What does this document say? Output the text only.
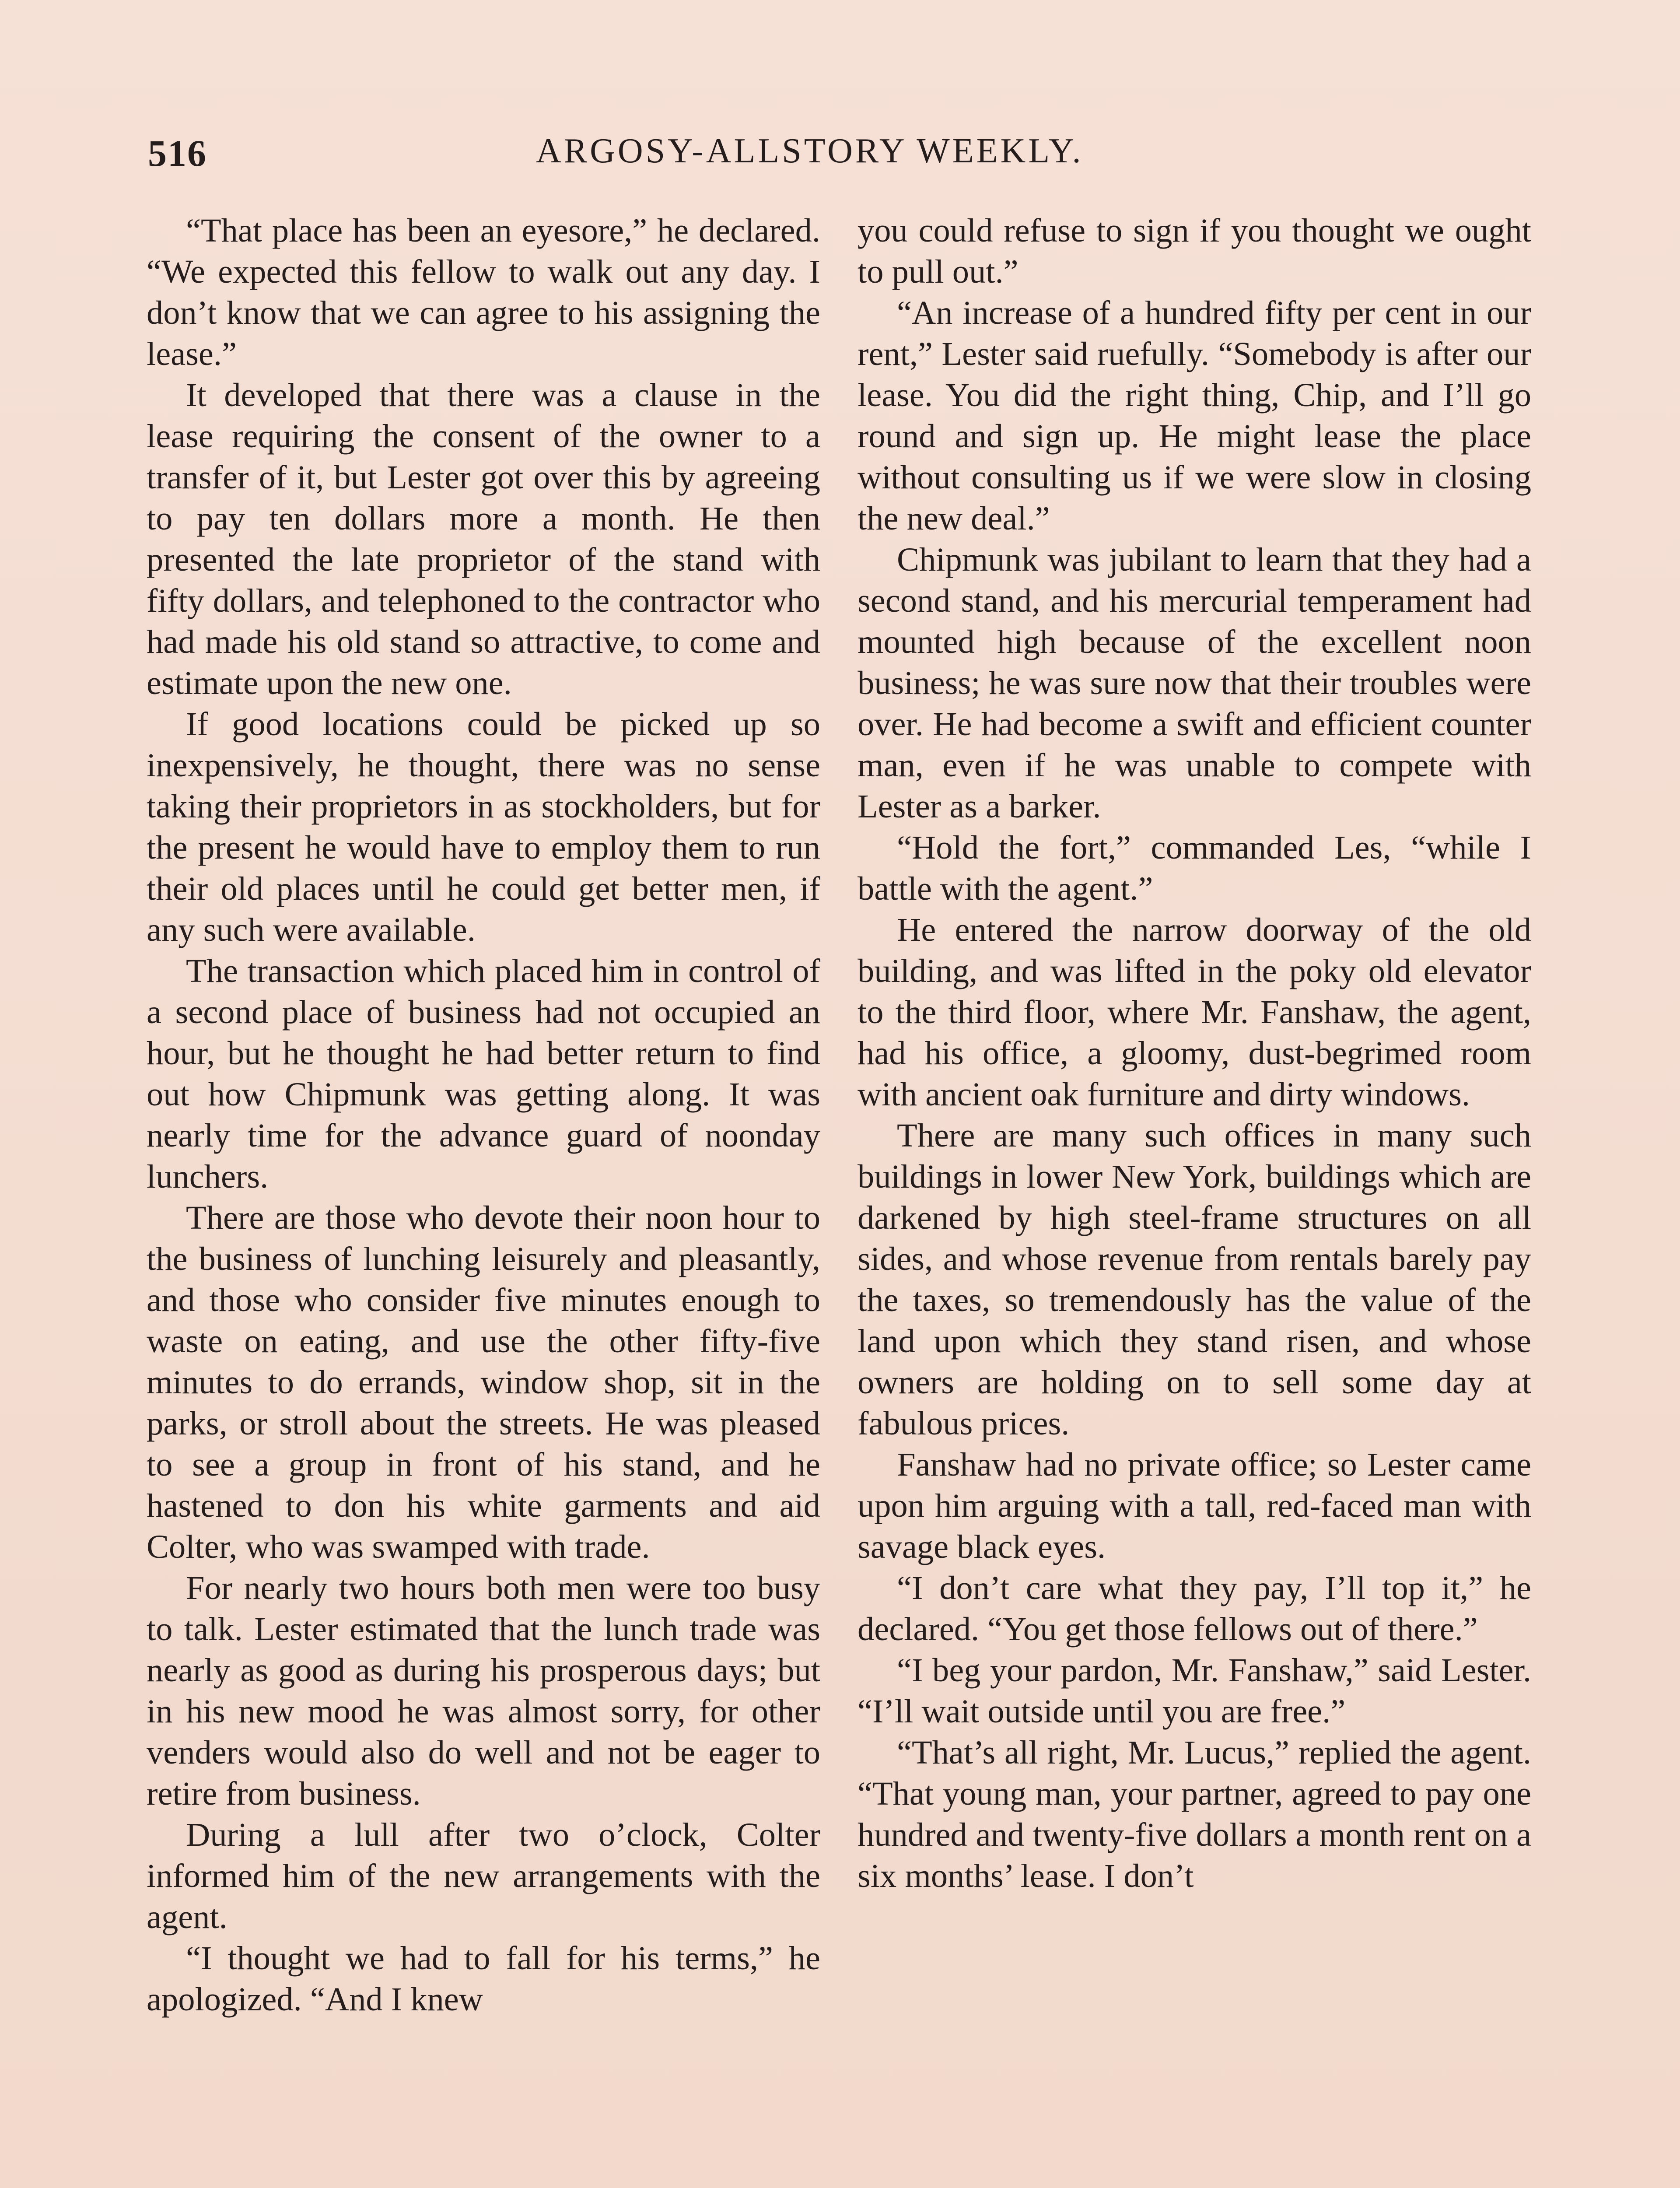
516	ARGOSY-ALLSTORY WEEKLY.

“That place has been an eyesore,” he declared. “We expected this fellow to walk out any day. I don’t know that we can agree to his assigning the lease.”

It developed that there was a clause in the lease requiring the consent of the owner to a transfer of it, but Lester got over this by agreeing to pay ten dollars more a month. He then presented the late proprietor of the stand with fifty dollars, and telephoned to the contractor who had made his old stand so attractive, to come and estimate upon the new one.

If good locations could be picked up so inexpensively, he thought, there was no sense taking their proprietors in as stockholders, but for the present he would have to employ them to run their old places until he could get better men, if any such were available.

The transaction which placed him in control of a second place of business had not occupied an hour, but he thought he had better return to find out how Chipmunk was getting along. It was nearly time for the advance guard of noonday lunchers.

There are those who devote their noon hour to the business of lunching leisurely and pleasantly, and those who consider five minutes enough to waste on eating, and use the other fifty-five minutes to do errands, window shop, sit in the parks, or stroll about the streets. He was pleased to see a group in front of his stand, and he hastened to don his white garments and aid Colter, who was swamped with trade.

For nearly two hours both men were too busy to talk. Lester estimated that the lunch trade was nearly as good as during his prosperous days; but in his new mood he was almost sorry, for other venders would also do well and not be eager to retire from business.

During a lull after two o’clock, Colter informed him of the new arrangements with the agent.

“I thought we had to fall for his terms,” he apologized. “And I knew

you could refuse to sign if you thought we ought to pull out.”

“An increase of a hundred fifty per cent in our rent,” Lester said ruefully. “Somebody is after our lease. You did the right thing, Chip, and I’ll go round and sign up. He might lease the place without consulting us if we were slow in closing the new deal.”

Chipmunk was jubilant to learn that they had a second stand, and his mercurial temperament had mounted high because of the excellent noon business; he was sure now that their troubles were over. He had become a swift and efficient counter man, even if he was unable to compete with Lester as a barker.

“Hold the fort,” commanded Les, “while I battle with the agent.”

He entered the narrow doorway of the old building, and was lifted in the poky old elevator to the third floor, where Mr. Fanshaw, the agent, had his office, a gloomy, dust-begrimed room with ancient oak furniture and dirty windows.

There are many such offices in many such buildings in lower New York, buildings which are darkened by high steel-frame structures on all sides, and whose revenue from rentals barely pay the taxes, so tremendously has the value of the land upon which they stand risen, and whose owners are holding on to sell some day at fabulous prices.

Fanshaw had no private office; so Lester came upon him arguing with a tall, red-faced man with savage black eyes.

“I don’t care what they pay, I’ll top it,” he declared. “You get those fellows out of there.”

“I beg your pardon, Mr. Fanshaw,” said Lester. “I’ll wait outside until you are free.”

“That’s all right, Mr. Lucus,” replied the agent. “That young man, your partner, agreed to pay one hundred and twenty-five dollars a month rent on a six months’ lease. I don’t
